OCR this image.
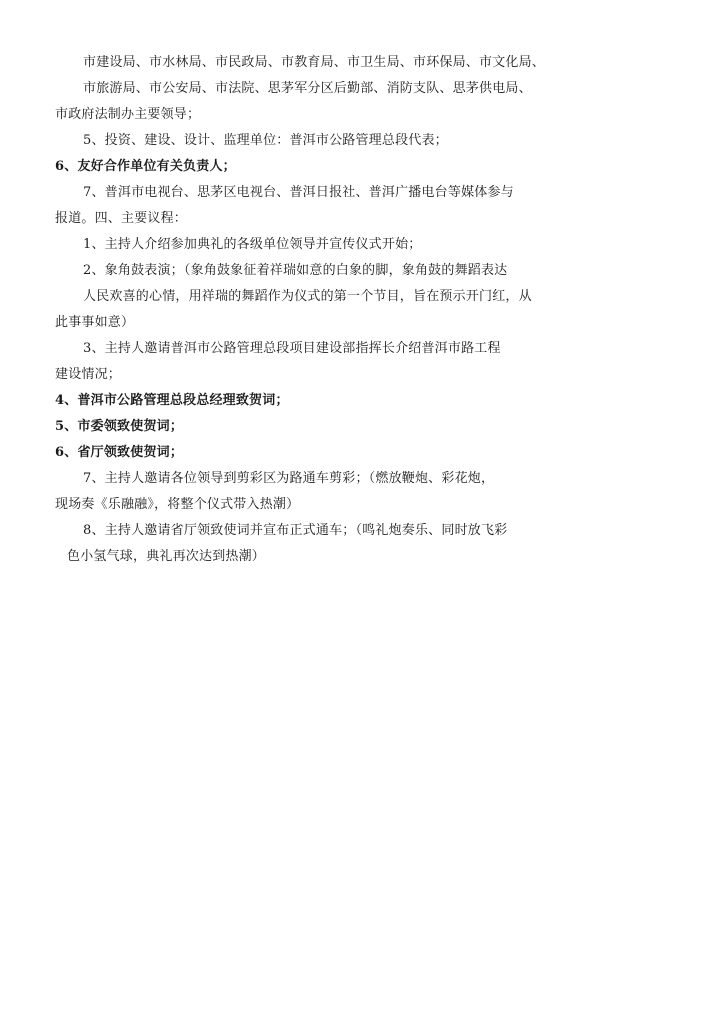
市建设局、市水林局、市民政局、市教育局、市卫生局、市环保局、市文化局、
市旅游局、市公安局、市法院、思茅军分区后勤部、消防支队、思茅供电局、
市政府法制办主要领导；
5、投资、建设、设计、监理单位：普洱市公路管理总段代表；
6、友好合作单位有关负责人；
7、普洱市电视台、思茅区电视台、普洱日报社、普洱广播电台等媒体参与
报道。四、主要议程：
1、主持人介绍参加典礼的各级单位领导并宣传仪式开始；
2、象角鼓表演；（象角鼓象征着祥瑞如意的白象的脚，象角鼓的舞蹈表达
人民欢喜的心情，用祥瑞的舞蹈作为仪式的第一个节目，旨在预示开门红，从
此事事如意）
3、主持人邀请普洱市公路管理总段项目建设部指挥长介绍普洱市路工程
建设情况；
4、普洱市公路管理总段总经理致贺词；
5、市委领致使贺词；
6、省厅领致使贺词；
7、主持人邀请各位领导到剪彩区为路通车剪彩；（燃放鞭炮、彩花炮，
现场奏《乐融融》，将整个仪式带入热潮）
8、主持人邀请省厅领致使词并宣布正式通车；（鸣礼炮奏乐、同时放飞彩
色小氢气球，典礼再次达到热潮）
